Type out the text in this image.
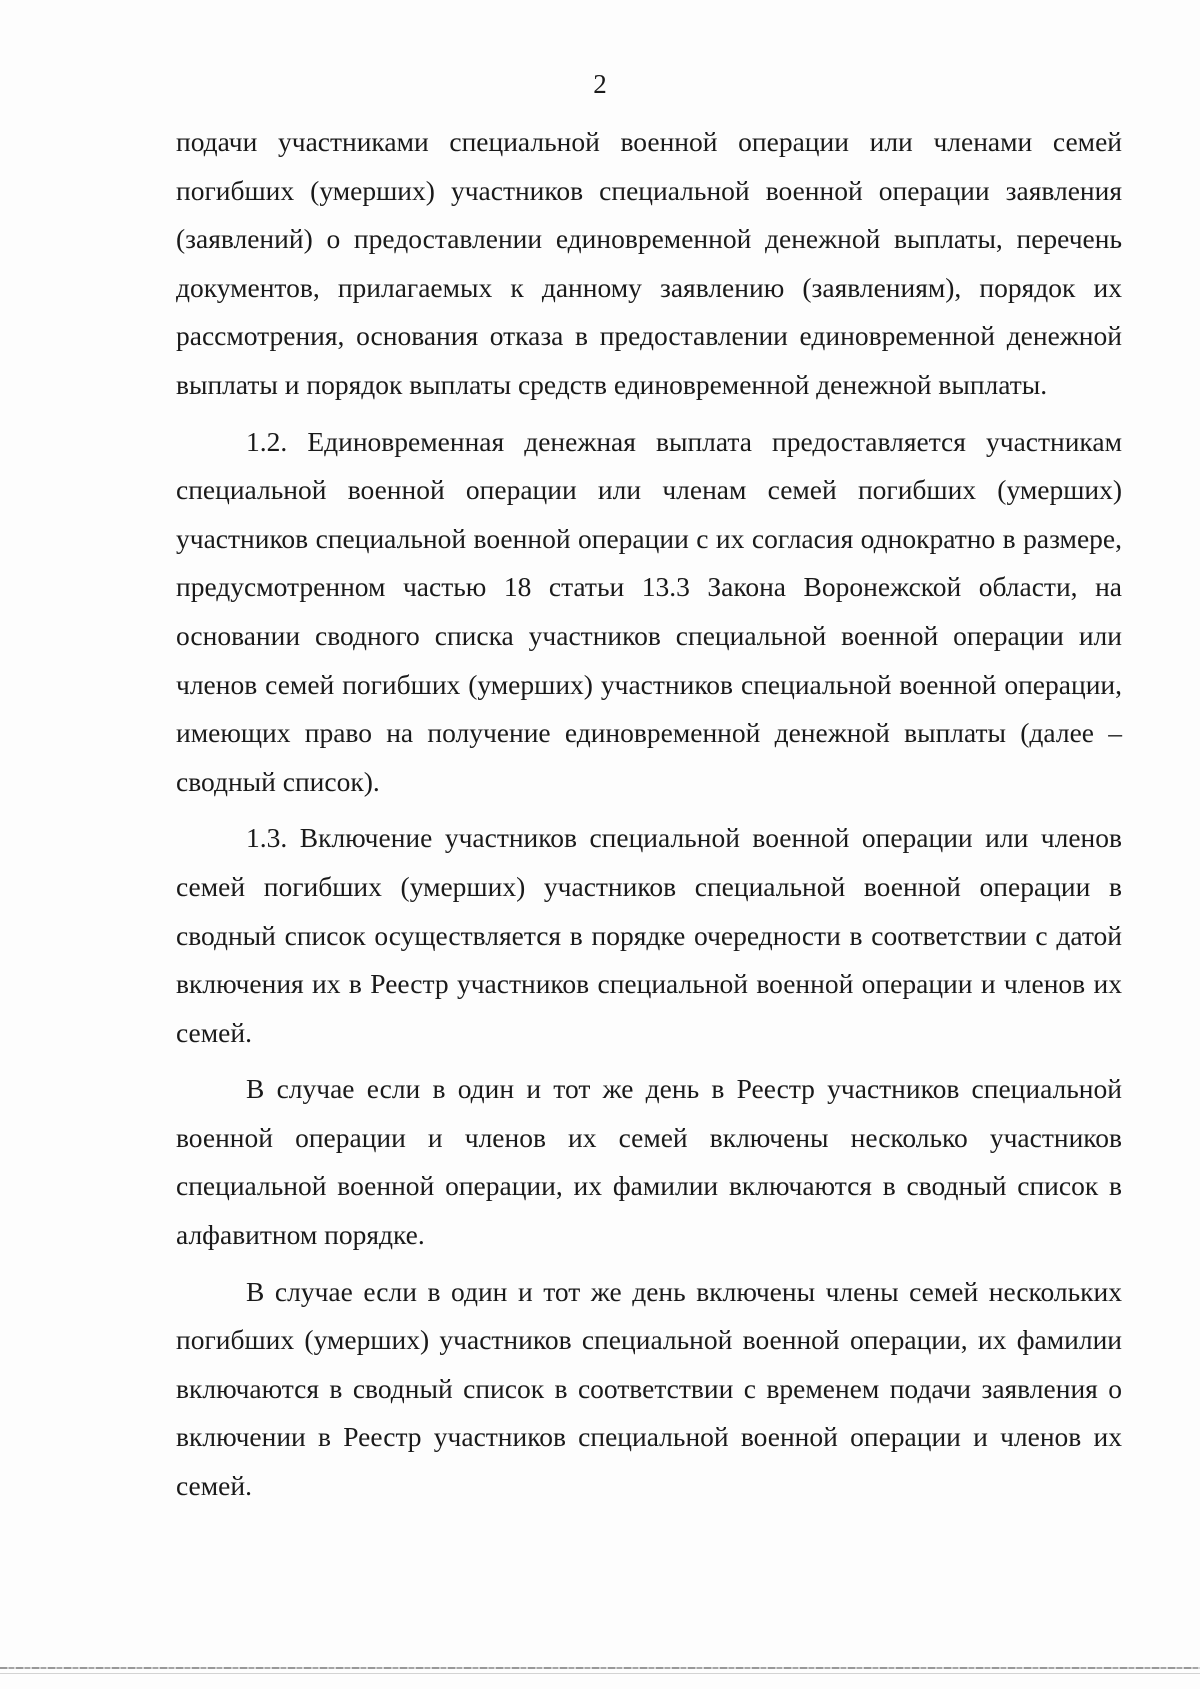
2

подачи участниками специальной военной операции или членами семей погибших (умерших) участников специальной военной операции заявления (заявлений) о предоставлении единовременной денежной выплаты, перечень документов, прилагаемых к данному заявлению (заявлениям), порядок их рассмотрения, основания отказа в предоставлении единовременной денежной выплаты и порядок выплаты средств единовременной денежной выплаты.

1.2. Единовременная денежная выплата предоставляется участникам специальной военной операции или членам семей погибших (умерших) участников специальной военной операции с их согласия однократно в размере, предусмотренном частью 18 статьи 13.3 Закона Воронежской области, на основании сводного списка участников специальной военной операции или членов семей погибших (умерших) участников специальной военной операции, имеющих право на получение единовременной денежной выплаты (далее – сводный список).

1.3. Включение участников специальной военной операции или членов семей погибших (умерших) участников специальной военной операции в сводный список осуществляется в порядке очередности в соответствии с датой включения их в Реестр участников специальной военной операции и членов их семей.

В случае если в один и тот же день в Реестр участников специальной военной операции и членов их семей включены несколько участников специальной военной операции, их фамилии включаются в сводный список в алфавитном порядке.

В случае если в один и тот же день включены члены семей нескольких погибших (умерших) участников специальной военной операции, их фамилии включаются в сводный список в соответствии с временем подачи заявления о включении в Реестр участников специальной военной операции и членов их семей.
